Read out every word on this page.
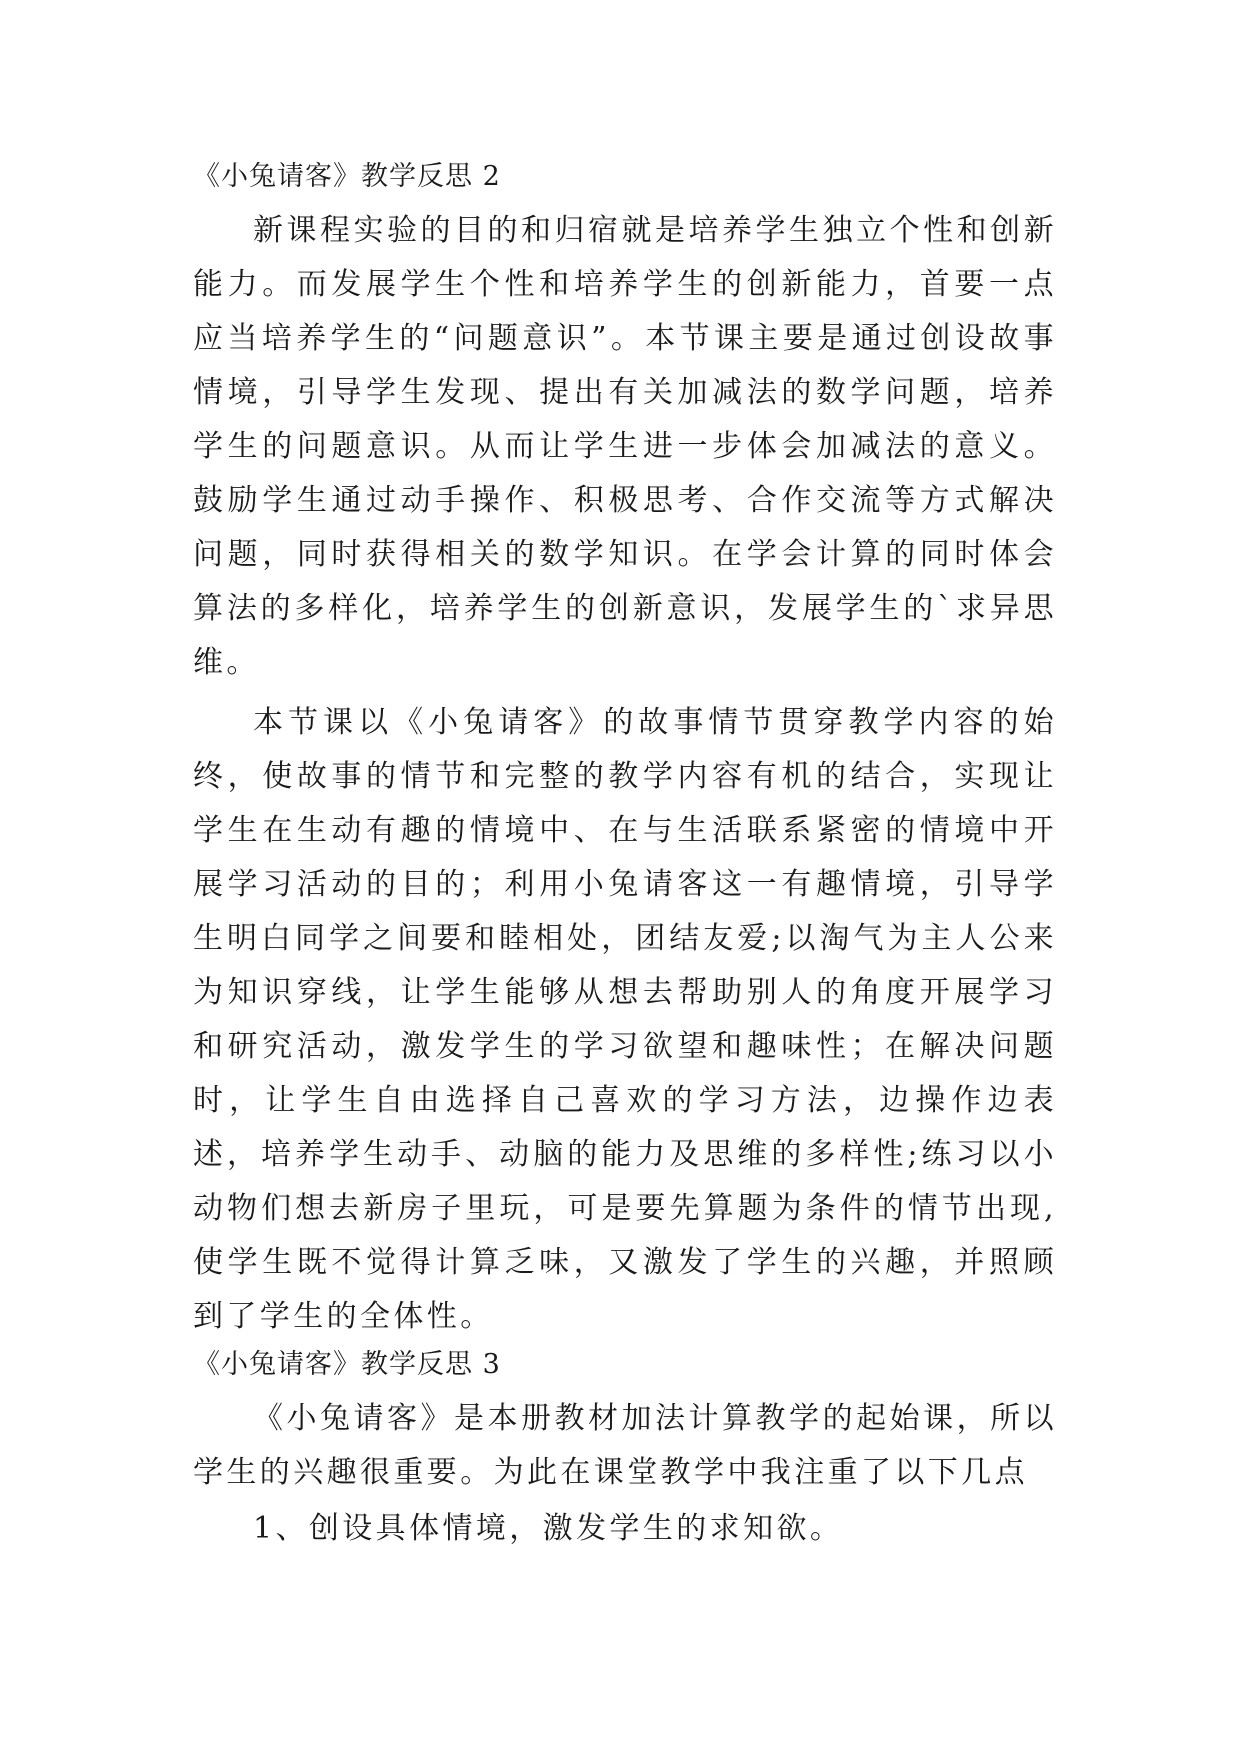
《小兔请客》教学反思 2

新课程实验的目的和归宿就是培养学生独立个性和创新能力。而发展学生个性和培养学生的创新能力，首要一点应当培养学生的“问题意识”。本节课主要是通过创设故事情境，引导学生发现、提出有关加减法的数学问题，培养学生的问题意识。从而让学生进一步体会加减法的意义。鼓励学生通过动手操作、积极思考、合作交流等方式解决问题，同时获得相关的数学知识。在学会计算的同时体会算法的多样化，培养学生的创新意识，发展学生的`求异思维。

本节课以《小兔请客》的故事情节贯穿教学内容的始终，使故事的情节和完整的教学内容有机的结合，实现让学生在生动有趣的情境中、在与生活联系紧密的情境中开展学习活动的目的；利用小兔请客这一有趣情境，引导学生明白同学之间要和睦相处，团结友爱;以淘气为主人公来为知识穿线，让学生能够从想去帮助别人的角度开展学习和研究活动，激发学生的学习欲望和趣味性；在解决问题时，让学生自由选择自己喜欢的学习方法，边操作边表述，培养学生动手、动脑的能力及思维的多样性;练习以小动物们想去新房子里玩，可是要先算题为条件的情节出现,使学生既不觉得计算乏味，又激发了学生的兴趣，并照顾到了学生的全体性。

《小兔请客》教学反思 3

《小兔请客》是本册教材加法计算教学的起始课，所以学生的兴趣很重要。为此在课堂教学中我注重了以下几点

1、创设具体情境，激发学生的求知欲。
